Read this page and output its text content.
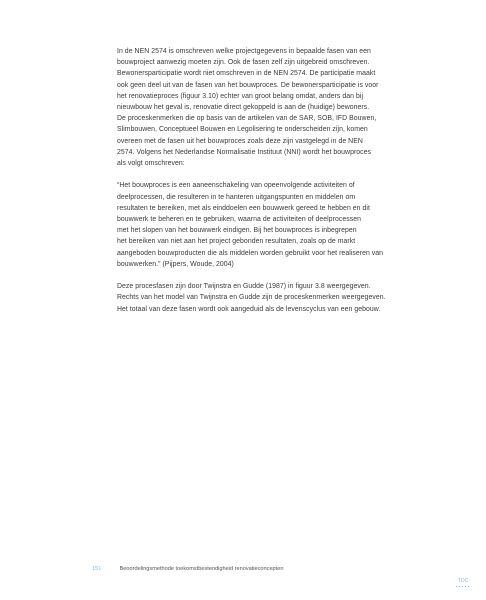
In de NEN 2574 is omschreven welke projectgegevens in bepaalde fasen van een
bouwproject aanwezig moeten zijn. Ook de fasen zelf zijn uitgebreid omschreven.
Bewonersparticipatie wordt niet omschreven in de NEN 2574. De participatie maakt
ook geen deel uit van de fasen van het bouwproces. De bewonersparticipatie is voor
het renovatieproces (figuur 3.10) echter van groot belang omdat, anders dan bij
nieuwbouw het geval is, renovatie direct gekoppeld is aan de (huidige) bewoners.
De proceskenmerken die op basis van de artikelen van de SAR, SOB, IFD Bouwen,
Slimbouwen, Conceptueel Bouwen en Legolisering te onderscheiden zijn, komen
overeen met de fasen uit het bouwproces zoals deze zijn vastgelegd in de NEN
2574. Volgens het Nederlandse Normalisatie Instituut (NNI) wordt het bouwproces
als volgt omschreven:

“Het bouwproces is een aaneenschakeling van opeenvolgende activiteiten of
deelprocessen, die resulteren in te hanteren uitgangspunten en middelen om
resultaten te bereiken, met als einddoelen een bouwwerk gereed te hebben en dit
bouwwerk te beheren en te gebruiken, waarna de activiteiten of deelprocessen
met het slopen van het bouwwerk eindigen. Bij het bouwproces is inbegrepen
het bereiken van niet aan het project gebonden resultaten, zoals op de markt
aangeboden bouwproducten die als middelen worden gebruikt voor het realiseren van
bouwwerken.” (Pijpers, Woude, 2004)

Deze procesfasen zijn door Twijnstra en Gudde (1987) in figuur 3.8 weergegeven.
Rechts van het model van Twijnstra en Gudde zijn de proceskenmerken weergegeven.
Het totaal van deze fasen wordt ook aangeduid als de levenscyclus van een gebouw.

151	Beoordelingsmethode toekomstbestendigheid renovatieconcepten
TOC
